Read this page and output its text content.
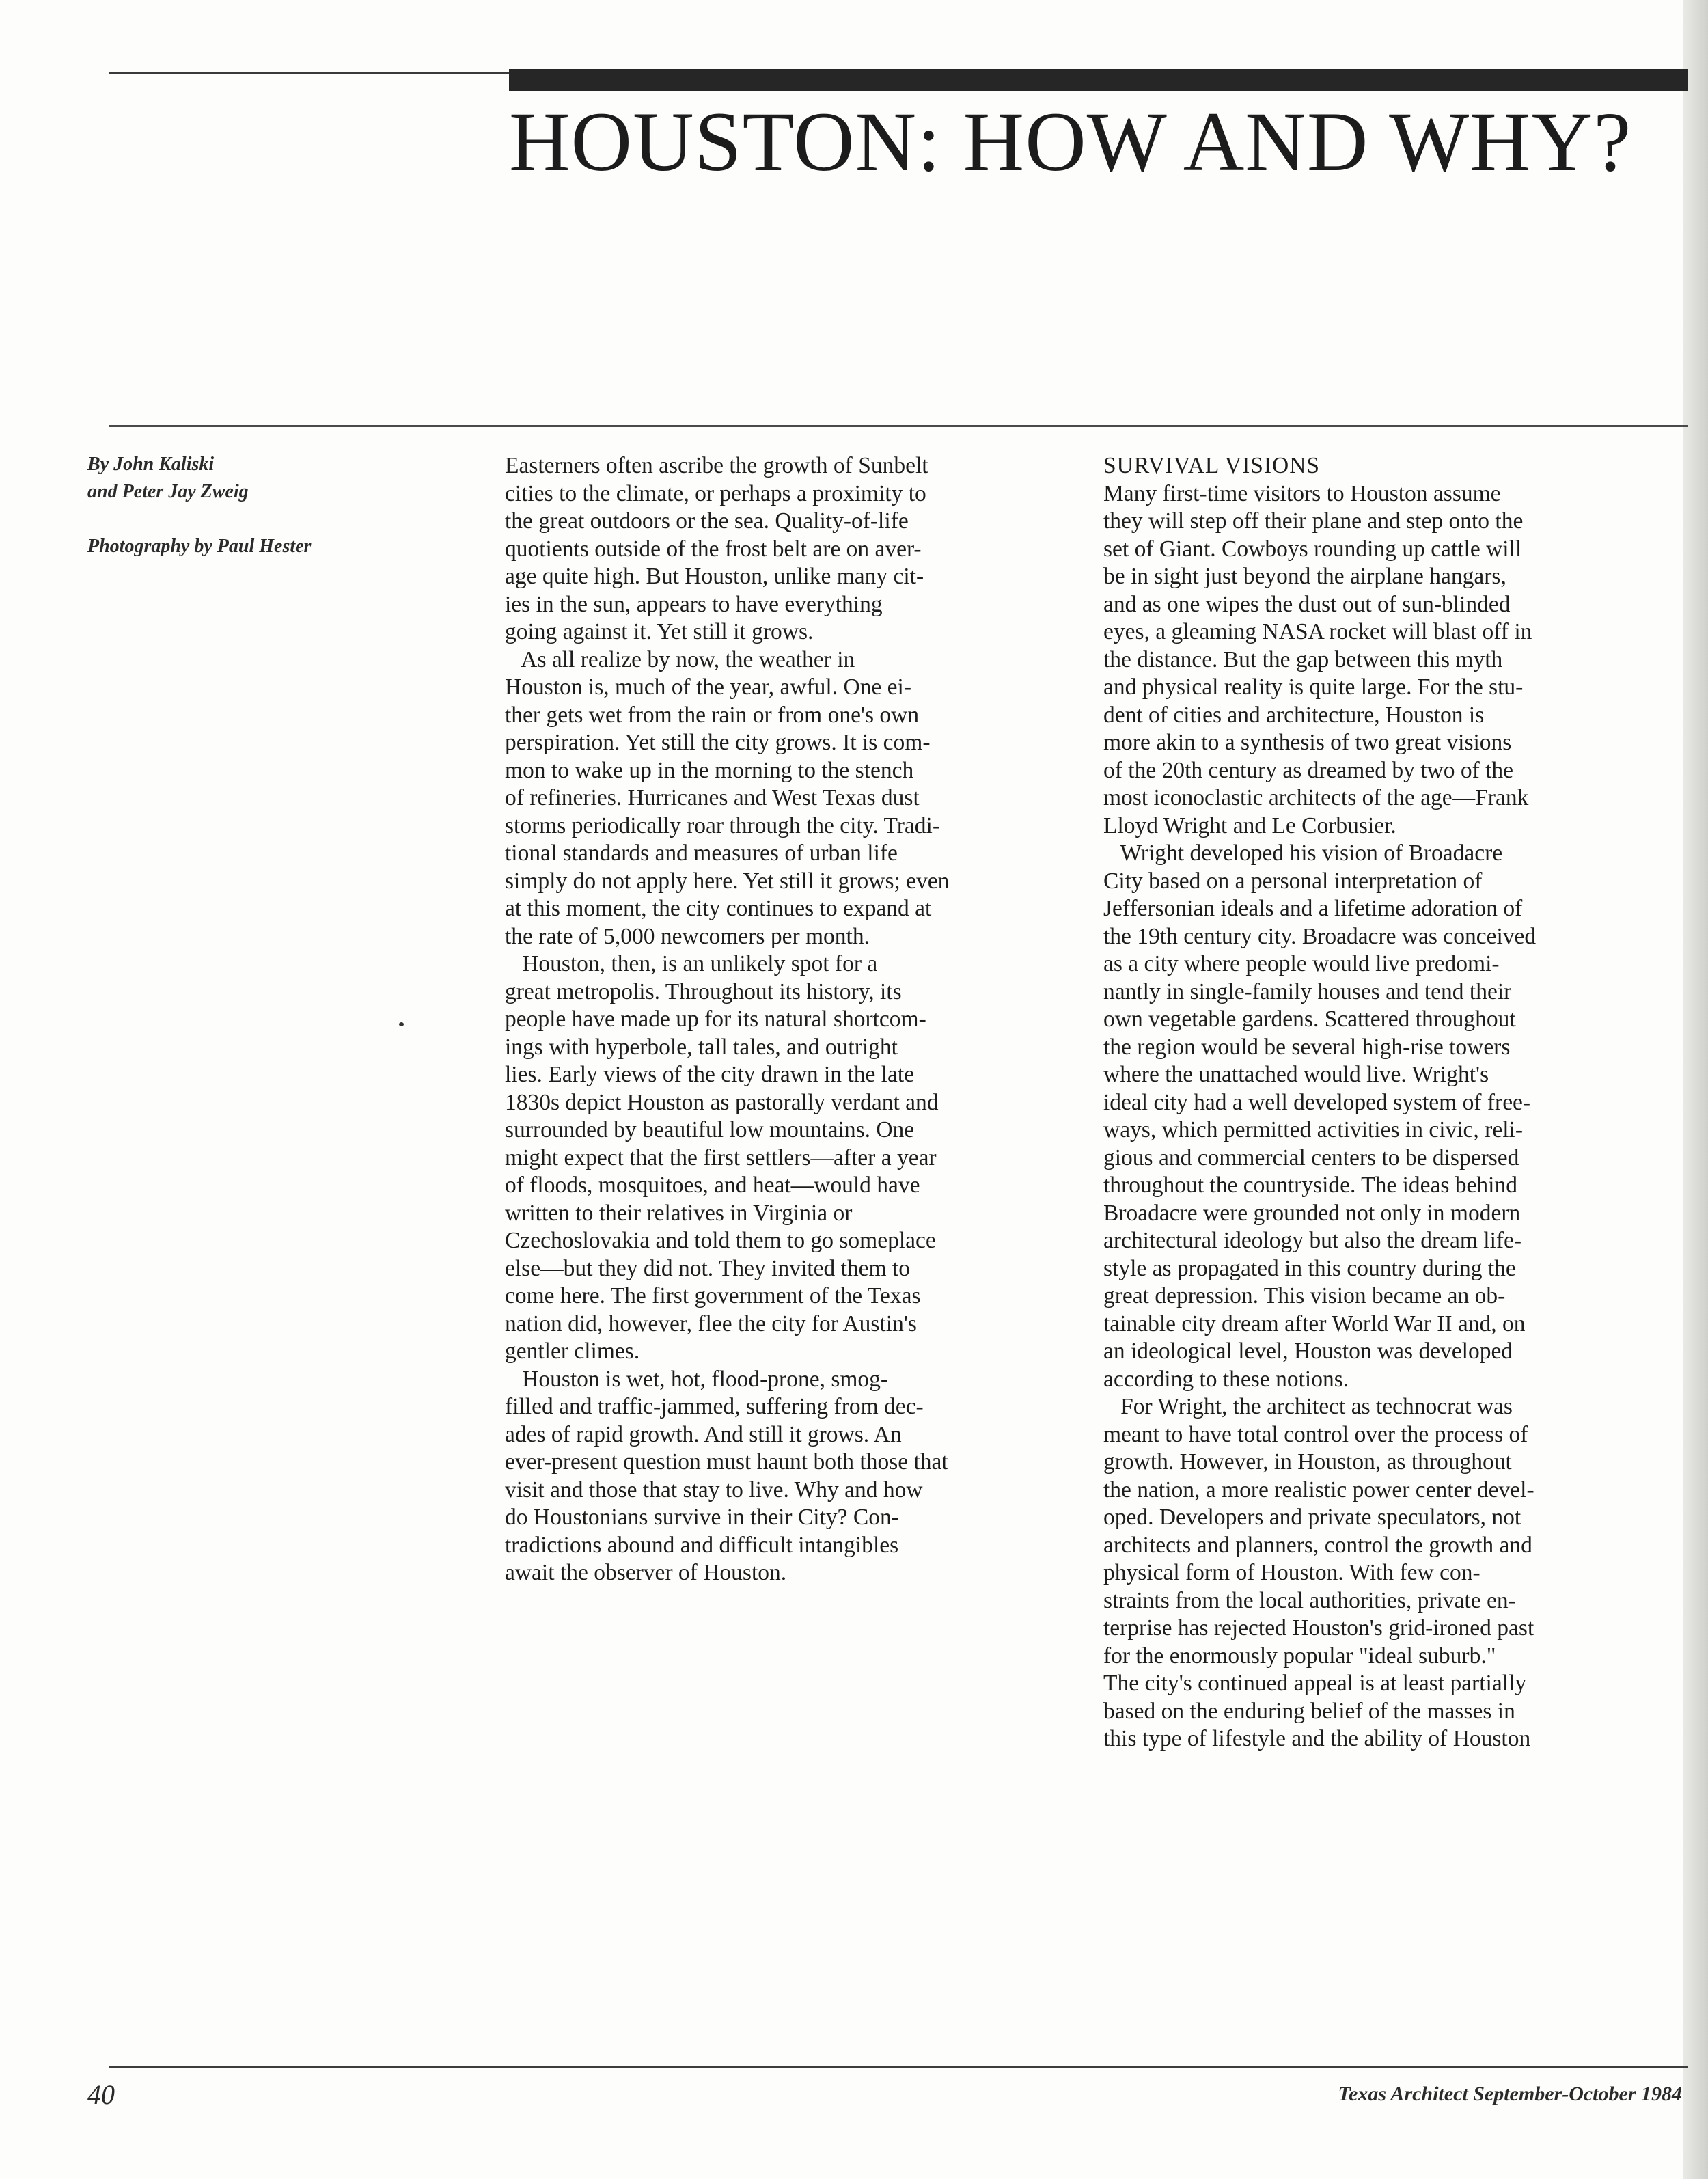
HOUSTON: HOW AND WHY?

By John Kaliski

and Peter Jay Zweig

Photography by Paul Hester

Easterners often ascribe the growth of Sunbelt

cities to the climate, or perhaps a proximity to

the great outdoors or the sea. Quality-of-life

quotients outside of the frost belt are on aver-

age quite high. But Houston, unlike many cit-

ies in the sun, appears to have everything

going against it. Yet still it grows.

As all realize by now, the weather in

Houston is, much of the year, awful. One ei-

ther gets wet from the rain or from one's own

perspiration. Yet still the city grows. It is com-

mon to wake up in the morning to the stench

of refineries. Hurricanes and West Texas dust

storms periodically roar through the city. Tradi-

tional standards and measures of urban life

simply do not apply here. Yet still it grows; even

at this moment, the city continues to expand at

the rate of 5,000 newcomers per month.

Houston, then, is an unlikely spot for a

great metropolis. Throughout its history, its

people have made up for its natural shortcom-

ings with hyperbole, tall tales, and outright

lies. Early views of the city drawn in the late

1830s depict Houston as pastorally verdant and

surrounded by beautiful low mountains. One

might expect that the first settlers—after a year

of floods, mosquitoes, and heat—would have

written to their relatives in Virginia or

Czechoslovakia and told them to go someplace

else—but they did not. They invited them to

come here. The first government of the Texas

nation did, however, flee the city for Austin's

gentler climes.

Houston is wet, hot, flood-prone, smog-

filled and traffic-jammed, suffering from dec-

ades of rapid growth. And still it grows. An

ever-present question must haunt both those that

visit and those that stay to live. Why and how

do Houstonians survive in their City? Con-

tradictions abound and difficult intangibles

await the observer of Houston.

SURVIVAL VISIONS

Many first-time visitors to Houston assume

they will step off their plane and step onto the

set of Giant. Cowboys rounding up cattle will

be in sight just beyond the airplane hangars,

and as one wipes the dust out of sun-blinded

eyes, a gleaming NASA rocket will blast off in

the distance. But the gap between this myth

and physical reality is quite large. For the stu-

dent of cities and architecture, Houston is

more akin to a synthesis of two great visions

of the 20th century as dreamed by two of the

most iconoclastic architects of the age—Frank

Lloyd Wright and Le Corbusier.

Wright developed his vision of Broadacre

City based on a personal interpretation of

Jeffersonian ideals and a lifetime adoration of

the 19th century city. Broadacre was conceived

as a city where people would live predomi-

nantly in single-family houses and tend their

own vegetable gardens. Scattered throughout

the region would be several high-rise towers

where the unattached would live. Wright's

ideal city had a well developed system of free-

ways, which permitted activities in civic, reli-

gious and commercial centers to be dispersed

throughout the countryside. The ideas behind

Broadacre were grounded not only in modern

architectural ideology but also the dream life-

style as propagated in this country during the

great depression. This vision became an ob-

tainable city dream after World War II and, on

an ideological level, Houston was developed

according to these notions.

For Wright, the architect as technocrat was

meant to have total control over the process of

growth. However, in Houston, as throughout

the nation, a more realistic power center devel-

oped. Developers and private speculators, not

architects and planners, control the growth and

physical form of Houston. With few con-

straints from the local authorities, private en-

terprise has rejected Houston's grid-ironed past

for the enormously popular "ideal suburb."

The city's continued appeal is at least partially

based on the enduring belief of the masses in

this type of lifestyle and the ability of Houston

40	Texas Architect September-October 1984
